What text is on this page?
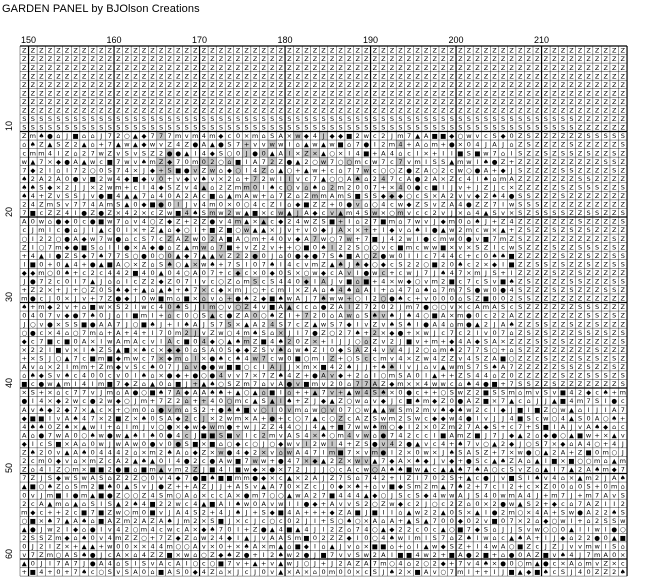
GARDEN PANEL by BJOlson Creations
Z Z Z Z Z Z Z Z Z Z Z Z Z Z Z Z Z Z Z Z Z Z Z Z Z Z Z Z Z Z Z Z Z Z Z Z Z Z Z Z Z Z Z Z Z Z Z Z Z Z Z Z Z Z Z Z Z Z Z Z Z Z Z Z Z Z Z Z Z Z Z
Z Z Z Z Z Z Z Z Z Z Z Z Z Z Z Z Z Z Z Z Z Z Z Z Z Z Z Z Z Z Z Z Z Z Z Z Z Z Z Z Z Z Z Z Z Z Z Z Z Z Z Z Z Z Z Z Z Z Z Z Z Z Z Z Z Z Z Z Z Z Z
Z Z Z Z Z Z Z Z Z Z Z Z Z Z Z Z Z Z Z Z Z Z Z Z Z Z Z Z Z Z Z Z Z Z Z Z Z Z Z Z Z Z Z Z Z Z Z Z Z Z Z Z Z Z Z Z Z Z Z Z Z Z Z Z Z Z Z Z Z Z Z
Z Z Z Z Z Z Z Z Z Z Z Z Z Z Z Z Z Z Z Z Z Z Z Z Z Z Z Z Z Z Z Z Z Z Z Z Z Z Z Z Z Z Z Z Z Z Z Z Z Z Z Z Z Z Z Z Z Z Z Z Z Z Z Z Z Z Z Z Z Z Z
Z Z Z Z Z Z Z Z Z Z Z Z Z Z Z Z Z Z Z Z Z Z Z Z Z Z Z Z Z Z Z Z Z Z Z Z Z Z Z Z Z Z Z Z Z Z Z Z Z Z Z Z Z Z Z Z Z Z Z Z Z Z Z Z Z Z Z Z Z Z Z
Z Z Z Z Z Z Z Z Z Z Z Z Z Z Z Z Z Z Z Z Z Z Z Z Z Z Z Z Z Z Z Z Z Z Z Z Z Z Z Z Z Z Z Z Z Z Z Z Z Z Z Z Z Z Z Z Z Z Z Z Z Z Z Z Z Z Z Z Z Z Z
Z Z Z Z Z Z Z Z Z Z Z Z Z Z Z Z Z Z Z Z Z Z Z Z Z Z Z Z Z Z Z Z Z Z Z Z Z Z Z Z Z Z Z Z Z Z Z Z Z Z Z Z Z Z Z Z Z Z Z Z Z Z Z Z Z Z Z Z Z Z Z
Z Z Z Z Z Z Z Z Z Z Z Z Z Z Z Z Z Z Z Z Z Z Z Z Z Z Z Z Z Z Z Z Z Z Z Z Z Z Z Z Z Z Z Z Z Z Z Z Z Z Z Z Z Z Z Z Z Z Z Z Z Z Z Z Z Z Z Z Z Z Z
S S S S S S S S S S S S S S S S S S S S S S S S S S S S S S S S S S S S S S S S S S S S S S S S S S S S S S S S S S S S S S S S S Z Z Z Z Z Z
S S S S S S S S S S S S S S S S S S S S S S S S S S S S S S S S S S S S S S S S S S S S S S S S S S S S S S S S S S S S S S S S S Z Z Z Z Z Z
Z m ♠ ● ⌂ J ■ ⌂ ⌂ J 7 2 ○ ▲ ◆ 7 7 7 m v m 4 m ◆ c 0 × m ⌂ S A × w ◆ 4 J ◆ ◆ ■ 2 w c 2 J m 7 ▲ A ■ ■ ◆ ○ w v c S ◆ 0 Z S Z Z Z Z Z Z S S S S S
⌂ ♠ Z ▲ S Z 2 ▲ ⌂ + 7 ▲ w ▲ ◆ w v Z 4 Z ● A ▲ ● S 7 + v v w w I ⌂ ▲ w ▲ w ■ ⌂ 7 ● I 2 m 4 + A ⌂ m + ● × 0 4 J A J ⌂ Z S Z Z Z Z S Z Z Z Z Z S
c m m 4 I Z ⌂ 2 7 w Z v S v S Z 2 ● ● ▲ I 4 ◆ S ○ 0 J ● 0 ▲ A I × Z × ▲ ○ × I 4 ■ + A 4 ⌂ c I × + I I ■ S ■ w 7 ⌂ I S Z Z S Z S S Z S Z Z S Z
w ▲ 7 × ◆ ● A ▲ w c ■ 7 w v ♠ m Z ◆ 7 0 m 0 2 ○ ⌂ ■ I A 7 2 Z ● ▲ 2 ○ w 7 ○ ○ m c w 7 c 7 v m I S S ▲ m w I ♠ ● Z + Z Z Z Z Z Z Z Z Z Z S S Z
7 ◆ 2 I ⌂ I 7 2 ○ 0 S 7 4 × J ◆ + S ■ ● v Z w ⌂ ◆ ○ I 4 Z ⌂ ▲ ○ + ▲ w + c ⌂ 7 7 w c ○ ○ Z ● Z A ○ 2 c w ○ ● A + ◆ J S Z Z Z Z S S Z Z Z Z S Z
♠ 2 A 2 A 0 ● v ■ 2 w 4 ◆ ■ ◆ v 0 + v ◆ v ♠ v × 2 ⌂ + 7 2 w I I v c 7 ▲ ○ ○ A ♠ ⌂ 2 4 7 c A ● 2 A × Z c 4 I ♠ ⌂ m A Z Z Z Z Z Z Z S S Z Z Z Z
♠ ♠ S ◆ × 2 J J × 2 w m + c I 4 ◆ S Z v 4 ▲ ⌂ 2 Z m m 0 I ♠ c ○ v ⌂ ♠ ⌂ 2 m 2 0 0 7 + × 4 0 ● c ■ I J v + J Z J c × Z Z Z Z Z S Z S S S Z Z S
♠ 4 + Z v S S J v ● ■ 4 ▲ ▲ 7 ⌂ 4 0 A 2 A c ■ ⌂ ▲ m A w + ⌂ 7 Z ⌂ Z m m A m S ■ S S ◆ ◆ ◆ ○ c S × A 2 v v ◆ Z ♠ 4 ● S S Z Z Z S Z Z Z Z Z Z Z
2 4 Z m S v 7 7 4 A m S ▲ 0 ◆ ■ ● 0 I J v 4 m 0 × 0 ○ 4 c Z I ⌂ ◆ ■ Z Z + 0 ● v ⌂ ○ 4 c w ◆ Z S v Z A 4 ● Z Z 7 I w S S S Z Z Z Z Z Z Z Z Z Z
7 ■ c Z Z 4 I ● Z ● Z × 4 2 × c Z w ■ 4 ♠ S m w 2 w ▲ ■ × c w ▲ J A ◆ c v ▲ m 4 S w × ○ m v c c 2 v J × ⌂ 4 ▲ S v × S Z S S S S Z Z S S Z Z S
A 0 w ⌂ ● ◆ 0 c ● ■ w 7 ⌂ v 4 ○ Z ◆ Z + 2 Z ● v 4 m ▲ × ▲ c ◆ 2 4 w Z S ■ + I ⌂ 2 7 ■ m ⌂ 7 w v J ◆ m 0 ⌂ ♠ J + Z 4 Z Z Z Z Z Z Z S Z Z Z Z S
c J m I c ● ⌂ J I ▲ c 0 I × + Z ▲ ⌂ ◆ ○ I + ■ Z ■ ○ w ▲ ▲ × J v + v 0 ◆ J A × × + + I ◆ v ⌂ ♠ I ● ▲ w 2 m c w × ▲ + Z S Z Z S Z S Z S Z Z Z Z
○ I 2 2 ○ ● A ◆ w 7 w ● ⌂ c S 7 c Z A Z w 0 2 A ■ A ○ m + 4 0 v ◆ A 7 w ○ 7 w + 7 ■ J 4 2 w I ● c m w 0 ● v ■ 7 m Z S Z Z Z Z Z Z Z Z Z Z S Z
Z I ○ 7 m ◆ ● ■ S ⌂ I I ● × A ◆ ● ⌂ Z ▲ m w ⌂ 7 ■ + v Z 2 v + + ○ ■ 0 ♠ I 2 2 S ○ ○ v c ■ m c w w ■ × v × S Z I c w S Z Z Z S Z Z S S S Z S Z
+ 4 ▲ I ● Z S ◆ 7 ♠ 7 7 S ○ ● 0 ○ 0 ▲ ◆ 7 ▲ ▲ v Z 2 2 ● 0 J ⌂ 0 ● ◆ ● 7 S ♠ ■ A ○ Z ● w 0 I I c 7 4 4 c + c 0 ♠ ♠ ■ Z Z Z Z Z S Z Z S Z Z S S
I ■ 0 + 0 ▲ 4 + ● ▲ ■ A ○ × Z ⌂ S ♠ ○ ▲ × w ♠ + 7 S I 0 7 ♠ I 4 c v m Z ▲ ♠ J ♠ ◆ ○ ◆ c S 2 2 ○ ■ 2 0 ♠ c 2 × ◆ I ■ Z Z S S Z S Z Z S Z Z S S
◆ ◆ m ○ 0 ♠ + c 2 c 4 4 2 ■ 4 0 ▲ 0 4 ○ A 0 7 + c ◆ c × 0 ◆ 0 S × ○ w ◆ c A v I ● w c + c w J 7 J ♠ 4 7 × m J S + I Z Z Z Z S Z Z S Z Z Z Z Z
J ● 7 2 c 0 I 7 ▲ J ⌂ ⌂ I c Z 2 ◆ Z 0 7 I v c ○ Z ⌂ m S c S 4 4 0 ◆ I A J v ■ ⌂ ■ + 4 × w ◆ ○ v m 2 ■ c 7 c S v ■ ♠ Z S Z Z Z Z S S Z Z Z S S
+ Z 2 × + J + ○ Z 0 S ♠ ◆ + ▲ ⌂ ▲ ♠ + ♠ 7 × c ◆ × m J ○ + c m I × Z A ⌂ ♠ 4 ♠ ⌂ A I + ⌂ 4 7 ⌂ ♠ ⌂ 7 m 7 S ● w 0 ● 4 S Z Z Z S Z S Z Z Z S S Z
m ● c J 0 × J v + 7 Z ● ◆ J 0 w ■ m ⌂ ■ × ⌂ v ⌂ + ● ♠ 2 ◆ ■ ♠ w A J 7 ♠ w w + ○ I 2 ○ ● ♠ c + v 0 0 0 ⌂ S Z ■ 0 0 2 S S Z Z Z Z Z Z Z Z Z Z Z
♠ + m ◆ 2 v + ⌂ ■ w × S 2 I w c 4 0 ♠ S J I m ○ v ○ Z 4 v ■ A ▲ c c ⌂ ● Z A I Z 7 2 0 2 J m 7 ● ○ ○ v × c A m A S c S Z Z Z Z Z Z S S S Z Z Z
0 4 0 7 v ◆ ● 7 ♠ 0 J ⌂ I ■ m I + ⌂ c 0 ○ S ▲ c ● Z A 0 ○ ♠ Z I + 7 2 0 ⌂ A w ⌂ S ♠ v ♠ J ♠ 4 ○ ■ A × m ● 0 c 2 2 A Z Z Z Z Z Z Z Z S S Z S Z
J ○ v ● × S S ■ ● A A 7 J ○ ■ ♠ J + I ♠ A J S 7 S × ▲ A 2 4 S 7 c Z ▲ w S 7 ◆ I v Z v ♠ S ♠ I ● A 4 ⌂ m ● ▲ 2 J A ♠ Z Z S S Z Z S Z Z S Z Z Z
○ ● c × 4 ⌂ ○ 7 m ⌂ + A + 4 + I 7 0 m 2 J v Z w ○ 4 m ♠ S ⌂ × J I 7 ● Z ○ 2 7 ♠ + 2 × ◆ ● + × w J c 7 c 2 I v 0 7 ⌂ Z S Z S Z Z Z S S Z S Z S
◆ c 7 ■ c ■ 0 A × I w A m A c v I A c ■ 0 4 ◆ ○ ▲ ♠ m Z ■ 4 ♠ 2 0 Z × + I J J ○ ⌂ Z v 2 J ■ v + m + ◆ 4 A ◆ S A × Z Z Z S S Z S Z Z Z Z Z Z S
× 2 2 I ■ v × I ♠ Z S ▲ ■ × ♠ c × ◆ ◆ 0 ⌂ S A 0 S ◆ ◆ Z S v ♠ ⌂ w ♠ Z I 0 ◆ S A Z 4 v v 4 J 2 ○ ⌂ m ♠ 2 7 7 S ○ + ⌂ S Z Z Z Z Z Z Z Z S Z Z Z
+ × S J ○ ▲ 7 c ■ m ■ ◆ m w c 7 × ◆ m ⌂ I × ● ♠ c ♠ 4 w 7 c w 0 ■ ○ m I Z + ○ S c c m v 4 × Z w 4 Z Z v 4 S Z A ■ ○ Z Z Z S Z Z Z S Z S Z S Z
A v ⌂ × 2 I m m + Z m ◆ v S c ♠ 0 7 J ⌂ v ● ● w ■ ■ ○ c I A J J × m × ■ 4 2 ♠ J J + ♠ ♠ I v J ⌂ v ▲ w m S 7 S ♠ A 7 Z Z Z Z Z S S Z S Z Z S Z
⌂ ♠ ◆ S v ♠ c 4 0 0 c v 0 I ♠ ⌂ × ● ◆ + ● ○ ● 4 v v 7 × 7 Z ♠ 4 Z + ● A v ◆ + 2 ⌂ I ○ m S A 0 I ▲ + + Z S 4 4 ⌂ Z 0 Z Z Z Z Z S Z Z S S S Z S
■ c ● w ▲ m I 4 I m ■ 7 ◆ Z ⌂ ▲ 0 ⌂ ■ J + ▲ ♠ ○ S Z m 7 ⌂ v A ● v ■ m v 2 0 ⌂ 7 7 A Z ◆ m × × 4 w w c ⌂ ♠ 4 ● ■ + 7 S S Z Z S Z Z Z Z Z Z Z S
× S + × ⌂ c 7 7 v J m ⌂ A ● ○ ■ ♠ 7 A ◆ A A ♠ ♠ + ▲ ○ ▲ ⌂ ■ I ⌂ + + ▲ 7 v + ▲ w 4 S ♠ × 0 ● c + + ○ S w Z 2 ■ S S m ⌂ m v S v ■ 4 2 ◆ c ♠ + m
● I 4 × ◆ 2 w c ● 2 w ◆ ○ J m + 7 Z 2 ⌂ + + 4 0 ○ m c ▲ S ▲ I ♠ + Z J ◆ ▲ Z ○ w ⌂ v ◆ J c ■ ♠ m ◆ Z 0 ● A Z ■ × 7 ▲ c ⌂ J J ▲ ■ 4 m 7 S I ● c
A v ♠ ◆ 2 ◆ 7 × ▲ c × + ○ m 0 ⌂ ● v m ⌂ S 2 + ● ♠ ♠ ■ v ○ I 0 v m ⌂ w ○ v 0 7 ○ w ▲ ▲ w S m 2 m v ♠ ◆ ♠ w 2 c I ◆ J ■ I ■ Z ○ w ▲ ⌂ I J I A 7
◆ ■ ■ I v A ♠ 4 7 × 2 ■ Z × ♠ 0 S A ◆ 2 c J × 2 w m × A + ● + c ○ 7 ▲ c ○ Z c A Z S w m 2 S w c ◆ ◆ w 4 ● I v J J 4 ■ S c w ○ 4 ▲ S 0 A ○ ♠ +
4 ♠ ♠ 0 Z ♠ × ▲ w I + ⌂ I m J v ○ ● × ◆ w ◆ w m ● + w J Z Z 4 4 ○ J 4 ▲ + ■ 7 w w ♠ m ○ ◆ I 2 × 0 Z m 2 7 A ◆ S + c 7 + S ■ I A J v A ♠ ◆ ⌂ c
A ⌂ ● 7 w A 0 ○ ♠ w ● w ▲ ♠ I ♠ 0 ● 4 c J ■ ■ S ■ v I c 2 m v A S 4 × ♠ ○ m 4 v w ⌂ ● 7 4 2 c c I ■ A m Z ■ J 7 J ◆ ▲ 2 ⌂ ◆ ● ○ ▲ ■ w + × ▲ v
◆ I c S ■ × A ⌂ 0 w J w A w 0 ● v 0 ● S ■ × ■ ⌂ ○ ◆ c ○ J ○ ◆ w v I 2 w I 4 + Z S ● v 4 2 ● ▲ v c 4 + ♠ 7 v ○ ▲ 2 ◆ J ○ S 7 × ◆ ⌂ A 4 ○ + 4 J
Z ♠ 2 0 v ▲ A ♠ 0 4 4 4 2 ⌂ × m 2 ♠ A ⌂ ◆ Z × w ● 4 ◆ 2 × v ⌂ w A 4 7 I m ■ 7 × v m ● I 2 × 0 w × J ♠ S A S Z + 7 × w ● ○ ▲ 2 A + Z ■ 0 m ○ J
2 c m 0 ◆ v ⌂ × m Z c A 2 ▲ ♠ ▲ 0 I 4 ● 2 c ● A w ■ 7 w w + ● 4 7 × ◆ ▲ 2 Z × w v ▲ 7 ◆ A × ♠ ◆ J v ◆ + ● S c ▲ ♠ Z A ⌂ ▲ I ■ × ■ ○ ○ m ⌂ ▲ m
Z ⌂ 4 I Z ○ m × ■ ■ 2 ● ■ ⌂ ■ m ▲ v m 2 Z J ■ 4 I ■ w ◆ × ● × 7 2 J J J ○ c A c w ○ A ♠ ♠ ■ w ▲ c ▲ ▲ ♠ 7 ♠ A ○ c S v Z ⌂ ▲ I 7 ▲ 2 A ♠ m ◆ 7
7 Z J S ◆ w S w A S ⌂ Z 2 Z ○ 0 v 4 ◆ 7 ● ■ ♠ ■ ■ m m ● ◆ × c ▲ × 2 A J Z 7 S ⌂ 7 4 2 + I Z I 7 0 2 S + ▲ c ● J v ■ S I ♠ v 4 ⌂ × ▲ m 2 J A ♠
▲ ■ ○ ♠ Z ⌂ S m 2 ■ ♠ 0 ▲ S v J ● Z + + A Z J J + A S v ▲ A 7 0 × Z c J 0 ◆ × ♠ + ⌂ v ■ ◆ S m 2 m ▲ 7 ♠ 2 + 7 c I 2 + c × Z 0 0 ⌂ 0 S + 0 m ⌂
0 v J m ■ I ● m ▲ ■ ● Z ○ ○ Z 4 S m ○ A ⌂ × c c A × ● m 7 ○ ○ ▲ w A 2 7 ■ 4 4 4 ▲ ◆ ○ J S c S ◆ 4 w w A J S 4 0 w m A 4 J + m 7 J + m 7 A v S
2 c A ▲ m ⌂ ▲ ⌂ S I S ▲ 2 ♠ 4 ■ 2 2 w c 4 ▲ ■ A I ♠ w 0 A v w I I ● ◆ + A v v S 2 ○ Z w ◆ c 2 J ○ c 2 Z ⌂ 0 × 2 ● w ▲ S 2 + ◆ c ⌂ 7 A Z I I 2
m ◆ c + + 2 c ■ 7 ■ Z w ○ m 0 ■ v J A 4 S 2 + 4 J ♠ J + S ◆ ■ 4 A + + + ◆ Z A ■ J ■ I I ⌂ ▲ w 2 2 ▲ 0 S × ▲ I ● 2 m ○ × 4 A + S w ● A 2 2 ♠ S
○ ■ × ♠ 7 ▲ A ♠ ⌂ ■ A Z m 2 A Z A ♠ J m 2 × S ■ J × c J c ○ c 0 2 J I + S ○ ♠ ○ × A ⌂ A + ▲ S ▲ 7 0 0 ◆ 0 2 v ■ 0 7 × 2 ⌂ ◆ ○ w I + ⌂ 2 S S w
▲ ● J w 2 I ◆ ⌂ ● I v 4 2 ○ m 4 c w c A × ◆ ♠ 7 0 I + Z ● ▲ 4 ■ ▲ 4 J I 2 Z ⌂ 7 4 ○ ▲ ◆ 2 2 c 0 c ▲ ○ ■ 7 ◆ S ⌂ J J S v w ○ ○ 0 ▲ I I w I ● ○
2 S S Z m ◆ ⌂ ♠ 0 v 4 m Z Z ○ + 7 Z ◆ Z ⌂ w 2 4 ◆ I ▲ J v A A S m ■ 0 2 Z Z ◆ I 0 ○ 4 ♠ w I m I S 7 ⌂ Z ♠ I w ⌂ c ▲ ♠ A + I J ◆ ⌂ 2 2 ● 0 ▲ ■
0 J 2 I Z × + ▲ ▲ + w 0 0 × × 4 4 m ○ ○ A v × 0 + × ♠ A × m ▲ ⌂ ■ ◆ I ⌂ ▲ J v ⌂ × ■ ■ ⌂ + ⌂ I ▲ w ◆ S Z + I 4 w A ○ ■ Z c J Z J v v m w I S ⌂
v 7 Z m ○ A S ♠ ● J c A × ⌂ 4 Z Z ■ × w ⌂ ○ Z ◆ ♠ Z ● + I 2 ♠ w 2 ● J ■ 7 v v S w 2 A I ■ ■ 4 w 2 + ■ A ● 2 ■ + ⌂ ● 0 A Z ■ v ♠ 4 J 7 m A 0 ×
▲ 0 J I 7 A 7 J ● A 4 ⌂ S I S v A c A I ○ c ○ ■ 7 v + ▲ + v ▲ w J ○ J + J 2 A Z A 7 m ○ 4 ⌂ 2 ○ 2 ◆ + 7 v 4 ♠ × ● 0 ○ m ▲ ● c × A ⌂ m v Z × c
+ ■ 4 + 0 + 7 ♠ c ○ S v S A 0 ⌂ ■ A S 0 ◆ 4 Z ⌂ × J c J 0 v ▲ × A × ⌂ 0 m 0 0 × c S J ♠ 2 × ■ A v ○ 7 m I + + I J ■ ▲ ◆ ■ ♠ c S J 4 0 Z Z 2 ♠
150	160	170	180	190	200	210
10
20
30
40
50
60
